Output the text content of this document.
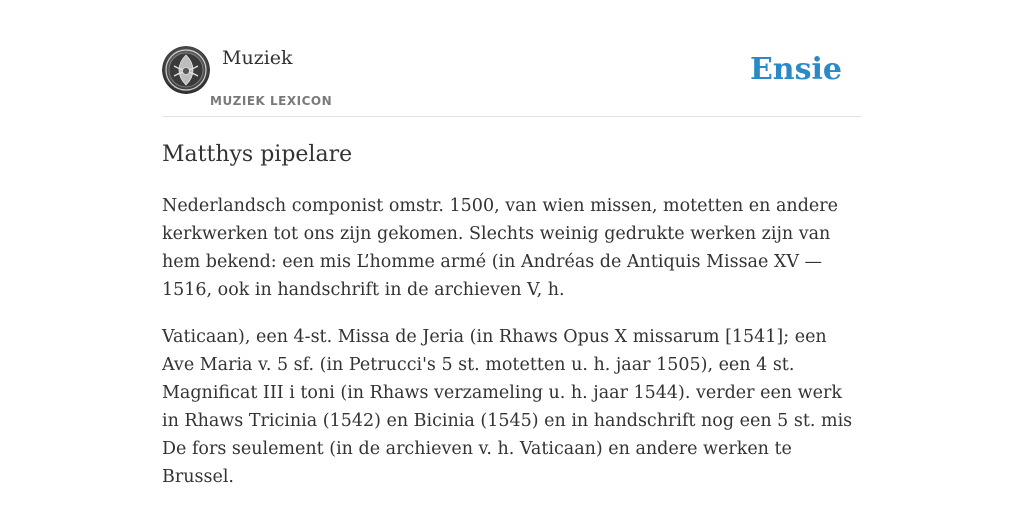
Muziek
MUZIEK LEXICON
Ensie
Matthys pipelare

Nederlandsch componist omstr. 1500, van wien missen, motetten en andere kerkwerken tot ons zijn gekomen. Slechts weinig gedrukte werken zijn van hem bekend: een mis L’homme armé (in Andréas de Antiquis Missae XV — 1516, ook in handschrift in de archieven V, h.

Vaticaan), een 4-st. Missa de Jeria (in Rhaws Opus X missarum [1541]; een Ave Maria v. 5 sf. (in Petrucci's 5 st. motetten u. h. jaar 1505), een 4 st. Magnificat III i toni (in Rhaws verzameling u. h. jaar 1544). verder een werk in Rhaws Tricinia (1542) en Bicinia (1545) en in handschrift nog een 5 st. mis De fors seulement (in de archieven v. h. Vaticaan) en andere werken te Brussel.
